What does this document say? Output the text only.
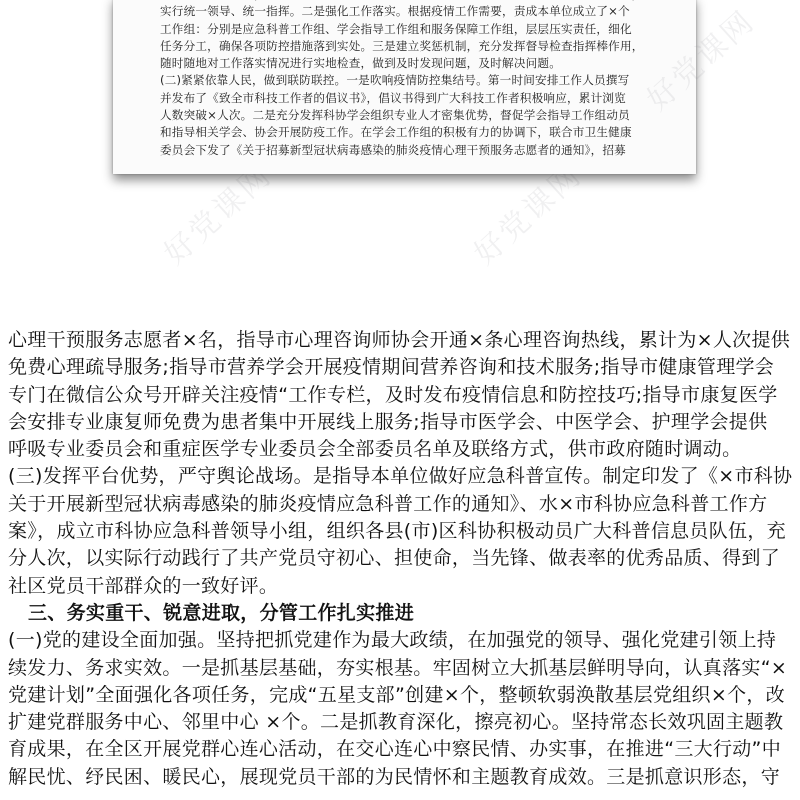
好党课网	好党课网

实行统一领导、统一指挥。二是强化工作落实。根据疫情工作需要，责成本单位成立了×个

工作组：分别是应急科普工作组、学会指导工作组和服务保障工作组，层层压实责任，细化

任务分工，确保各项防控措施落到实处。三是建立奖惩机制，充分发挥督导检查指挥棒作用，

随时随地对工作落实情况进行实地检查，做到及时发现问题，及时解决问题。

(二)紧紧依靠人民，做到联防联控。一是吹响疫情防控集结号。第一时间安排工作人员撰写

并发布了《致全市科技工作者的倡议书》，倡议书得到广大科技工作者积极响应，累计浏览

人数突破×人次。二是充分发挥科协学会组织专业人才密集优势，督促学会指导工作组动员

和指导相关学会、协会开展防疫工作。在学会工作组的积极有力的协调下，联合市卫生健康

委员会下发了《关于招募新型冠状病毒感染的肺炎疫情心理干预服务志愿者的通知》，招募

好党课网

心理干预服务志愿者×名，指导市心理咨询师协会开通×条心理咨询热线，累计为×人次提供

免费心理疏导服务;指导市营养学会开展疫情期间营养咨询和技术服务;指导市健康管理学会

专门在微信公众号开辟关注疫情“工作专栏，及时发布疫情信息和防控技巧;指导市康复医学

会安排专业康复师免费为患者集中开展线上服务;指导市医学会、中医学会、护理学会提供

呼吸专业委员会和重症医学专业委员会全部委员名单及联络方式，供市政府随时调动。

(三)发挥平台优势，严守舆论战场。是指导本单位做好应急科普宣传。制定印发了《×市科协

关于开展新型冠状病毒感染的肺炎疫情应急科普工作的通知》、水×市科协应急科普工作方

案》，成立市科协应急科普领导小组，组织各县(市)区科协积极动员广大科普信息员队伍，充

分人次，以实际行动践行了共产党员守初心、担使命，当先锋、做表率的优秀品质、得到了

社区党员干部群众的一致好评。

三、务实重干、锐意进取，分管工作扎实推进

(一)党的建设全面加强。坚持把抓党建作为最大政绩，在加强党的领导、强化党建引领上持

续发力、务求实效。一是抓基层基础，夯实根基。牢固树立大抓基层鲜明导向，认真落实“×

党建计划”全面强化各项任务，完成“五星支部”创建×个，整顿软弱涣散基层党组织×个，改

扩建党群服务中心、邻里中心 ×个。二是抓教育深化，擦亮初心。坚持常态长效巩固主题教

育成果，在全区开展党群心连心活动，在交心连心中察民情、办实事，在推进“三大行动”中

解民忧、纾民困、暖民心，展现党员干部的为民情怀和主题教育成效。三是抓意识形态，守
